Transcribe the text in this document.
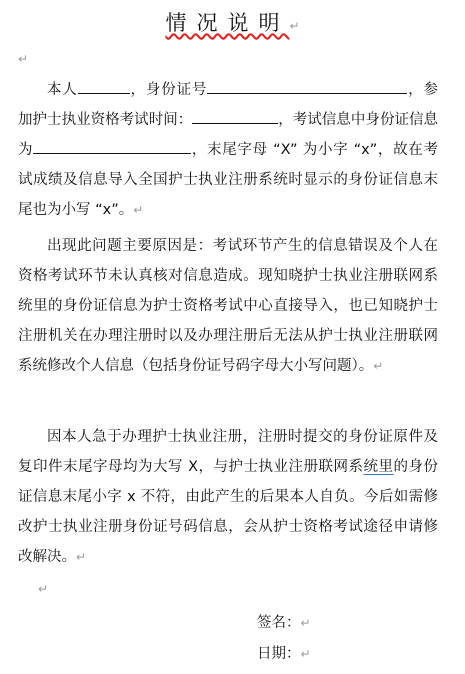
情况说明↵
↵
本人	，身份证号	，参加护士执业资格考试时间：	，考试信息中身份证信息为	，末尾字母 “X” 为小字 “x”，故在考试成绩及信息导入全国护士执业注册系统时显示的身份证信息末尾也为小写 “x”。↵
出现此问题主要原因是：考试环节产生的信息错误及个人在资格考试环节未认真核对信息造成。现知晓护士执业注册联网系统里的身份证信息为护士资格考试中心直接导入，也已知晓护士注册机关在办理注册时以及办理注册后无法从护士执业注册联网系统修改个人信息（包括身份证号码字母大小写问题）。↵
因本人急于办理护士执业注册，注册时提交的身份证原件及复印件末尾字母均为大写 X，与护士执业注册联网系统里的身份证信息末尾小字 x 不符，由此产生的后果本人自负。今后如需修改护士执业注册身份证号码信息，会从护士资格考试途径申请修改解决。↵
↵
签名：↵
日期：↵
